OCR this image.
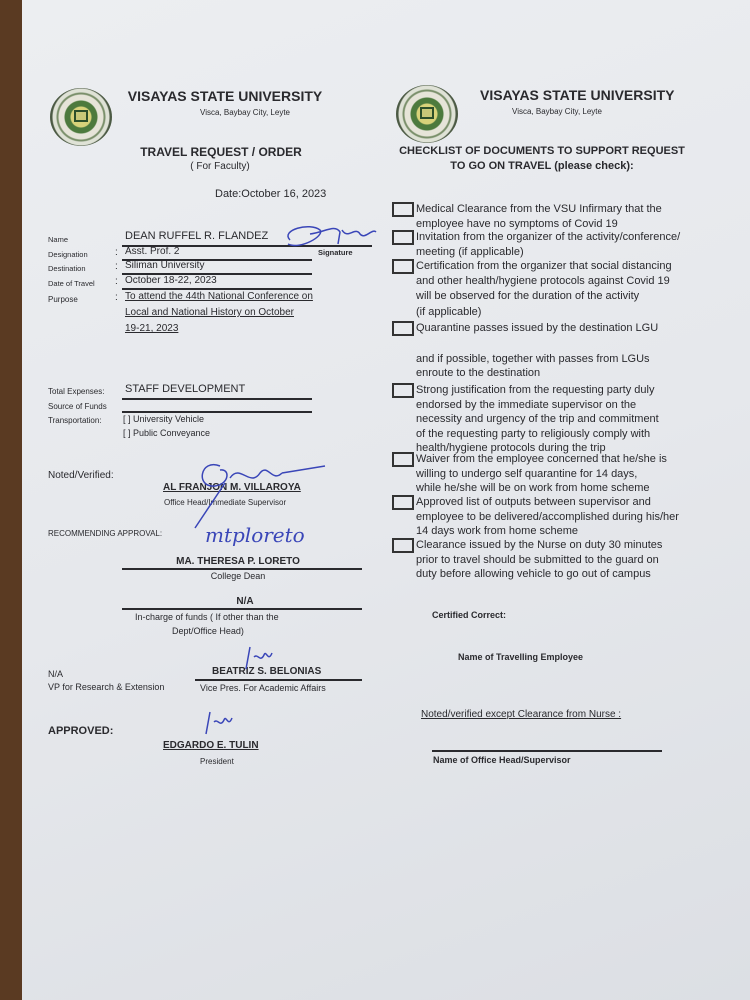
VISAYAS STATE UNIVERSITY
Visca, Baybay City, Leyte
TRAVEL REQUEST / ORDER
( For Faculty)
Date:October 16, 2023
Name	DEAN RUFFEL R. FLANDEZ
Signature
Designation	: Asst. Prof. 2
Destination	: Siliman University
Date of Travel : October 18-22, 2023
Purpose	: To attend the 44th National Conference on
Local and National History on October
19-21, 2023
Total Expenses: STAFF DEVELOPMENT
Source of Funds
Transportation: [ ] University Vehicle
[ ] Public Conveyance
Noted/Verified:
AL FRANJON M. VILLAROYA
Office Head/Immediate Supervisor
RECOMMENDING APPROVAL:
MA. THERESA P. LORETO
College Dean
N/A
In-charge of funds ( If other than the
Dept/Office Head)
N/A
VP for Research & Extension
BEATRIZ S. BELONIAS
Vice Pres. For Academic Affairs
APPROVED:
EDGARDO E. TULIN
President
mtploreto
VISAYAS STATE UNIVERSITY
Visca, Baybay City, Leyte
CHECKLIST OF DOCUMENTS TO SUPPORT REQUEST
TO GO ON TRAVEL (please check):
Medical Clearance from the VSU Infirmary that the
employee have no symptoms of Covid 19
Invitation from the organizer of the activity/conference/
meeting (if applicable)
Certification from the organizer that social distancing
and other health/hygiene protocols against Covid 19
will be observed for the duration of the activity
(if applicable)
Quarantine passes issued by the destination LGU
and if possible, together with passes from LGUs
enroute to the destination
Strong justification from the requesting party duly
endorsed by the immediate supervisor on the
necessity and urgency of the trip and commitment
of the requesting party to religiously comply with
health/hygiene protocols during the trip
Waiver from the employee concerned that he/she is
willing to undergo self quarantine for 14 days,
while he/she will be on work from home scheme
Approved list of outputs between supervisor and
employee to be delivered/accomplished during his/her
14 days work from home scheme
Clearance issued by the Nurse on duty 30 minutes
prior to travel should be submitted to the guard on
duty before allowing vehicle to go out of campus
Certified Correct:
Name of Travelling Employee
Noted/verified except Clearance from Nurse :
Name of Office Head/Supervisor
